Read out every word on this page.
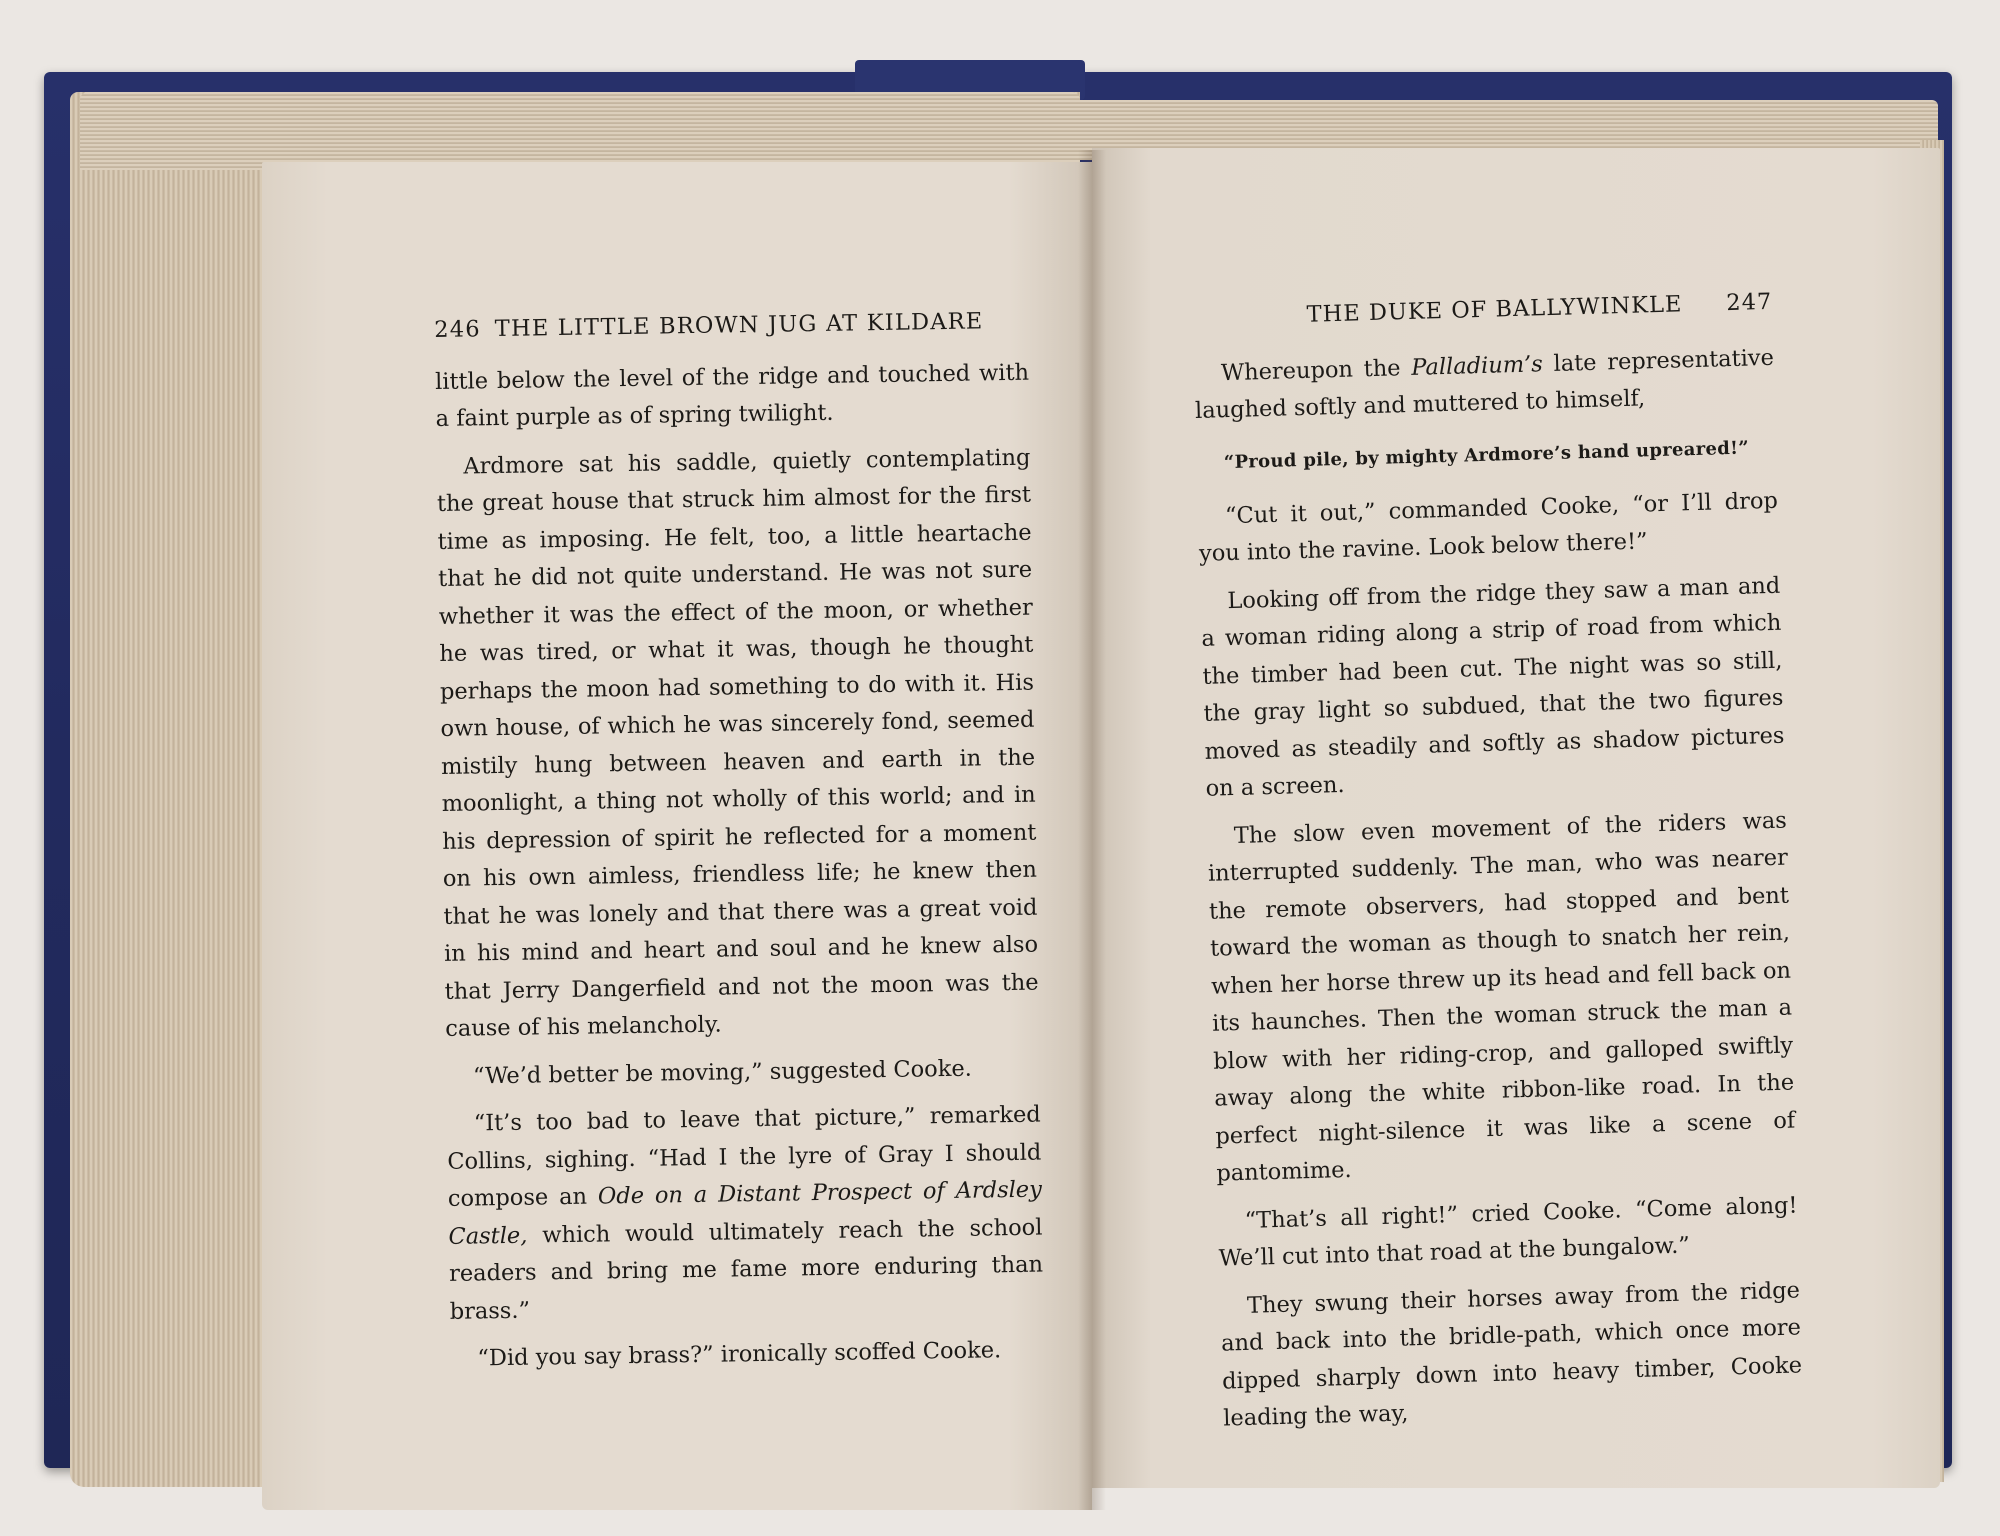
246 THE LITTLE BROWN JUG AT KILDARE

little below the level of the ridge and touched with a faint purple as of spring twilight.

Ardmore sat his saddle, quietly contemplating the great house that struck him almost for the first time as imposing. He felt, too, a little heartache that he did not quite understand. He was not sure whether it was the effect of the moon, or whether he was tired, or what it was, though he thought perhaps the moon had something to do with it. His own house, of which he was sincerely fond, seemed mistily hung between heaven and earth in the moonlight, a thing not wholly of this world; and in his depression of spirit he reflected for a moment on his own aimless, friendless life; he knew then that he was lonely and that there was a great void in his mind and heart and soul and he knew also that Jerry Dangerfield and not the moon was the cause of his melancholy.

“We’d better be moving,” suggested Cooke.

“It’s too bad to leave that picture,” remarked Collins, sighing. “Had I the lyre of Gray I should compose an Ode on a Distant Prospect of Ardsley Castle, which would ultimately reach the school readers and bring me fame more enduring than brass.”

“Did you say brass?” ironically scoffed Cooke.

THE DUKE OF BALLYWINKLE 247

Whereupon the Palladium’s late representative laughed softly and muttered to himself,

“Proud pile, by mighty Ardmore’s hand upreared!”

“Cut it out,” commanded Cooke, “or I’ll drop you into the ravine. Look below there!”

Looking off from the ridge they saw a man and a woman riding along a strip of road from which the timber had been cut. The night was so still, the gray light so subdued, that the two figures moved as steadily and softly as shadow pictures on a screen.

The slow even movement of the riders was interrupted suddenly. The man, who was nearer the remote observers, had stopped and bent toward the woman as though to snatch her rein, when her horse threw up its head and fell back on its haunches. Then the woman struck the man a blow with her riding-crop, and galloped swiftly away along the white ribbon-like road. In the perfect night-silence it was like a scene of pantomime.

“That’s all right!” cried Cooke. “Come along! We’ll cut into that road at the bungalow.”

They swung their horses away from the ridge and back into the bridle-path, which once more dipped sharply down into heavy timber, Cooke leading the way,
